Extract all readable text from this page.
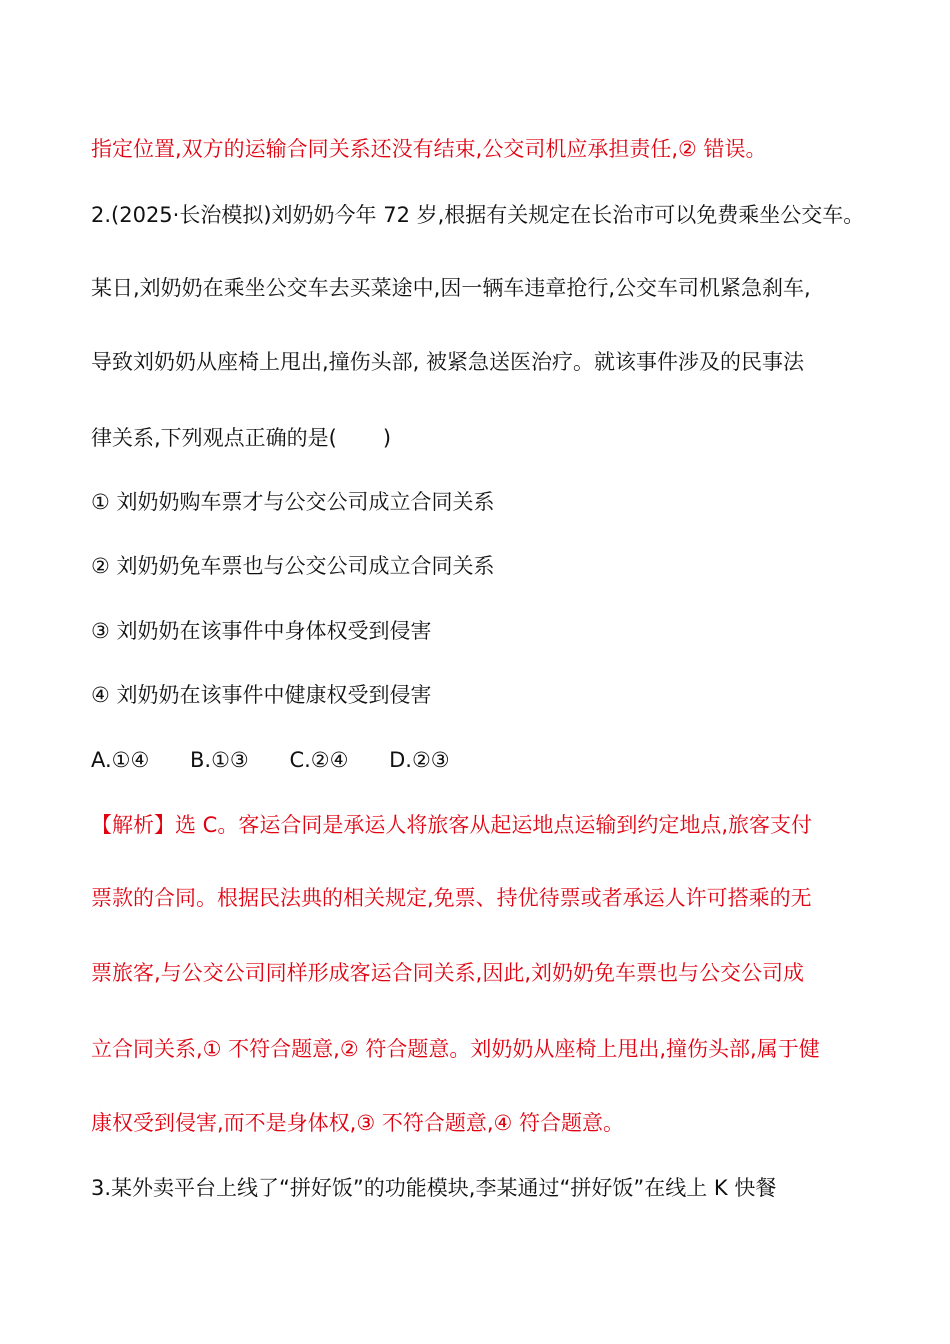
指定位置,双方的运输合同关系还没有结束,公交司机应承担责任,② 错误。
2.(2025·长治模拟)刘奶奶今年 72 岁,根据有关规定在长治市可以免费乘坐公交车。
某日,刘奶奶在乘坐公交车去买菜途中,因一辆车违章抢行,公交车司机紧急刹车,
导致刘奶奶从座椅上甩出,撞伤头部, 被紧急送医治疗。就该事件涉及的民事法
律关系,下列观点正确的是( )
① 刘奶奶购车票才与公交公司成立合同关系
② 刘奶奶免车票也与公交公司成立合同关系
③ 刘奶奶在该事件中身体权受到侵害
④ 刘奶奶在该事件中健康权受到侵害
A.①④ B.①③ C.②④ D.②③
【解析】选 C。客运合同是承运人将旅客从起运地点运输到约定地点,旅客支付
票款的合同。根据民法典的相关规定,免票、持优待票或者承运人许可搭乘的无
票旅客,与公交公司同样形成客运合同关系,因此,刘奶奶免车票也与公交公司成
立合同关系,① 不符合题意,② 符合题意。刘奶奶从座椅上甩出,撞伤头部,属于健
康权受到侵害,而不是身体权,③ 不符合题意,④ 符合题意。
3.某外卖平台上线了“拼好饭”的功能模块,李某通过“拼好饭”在线上 K 快餐
